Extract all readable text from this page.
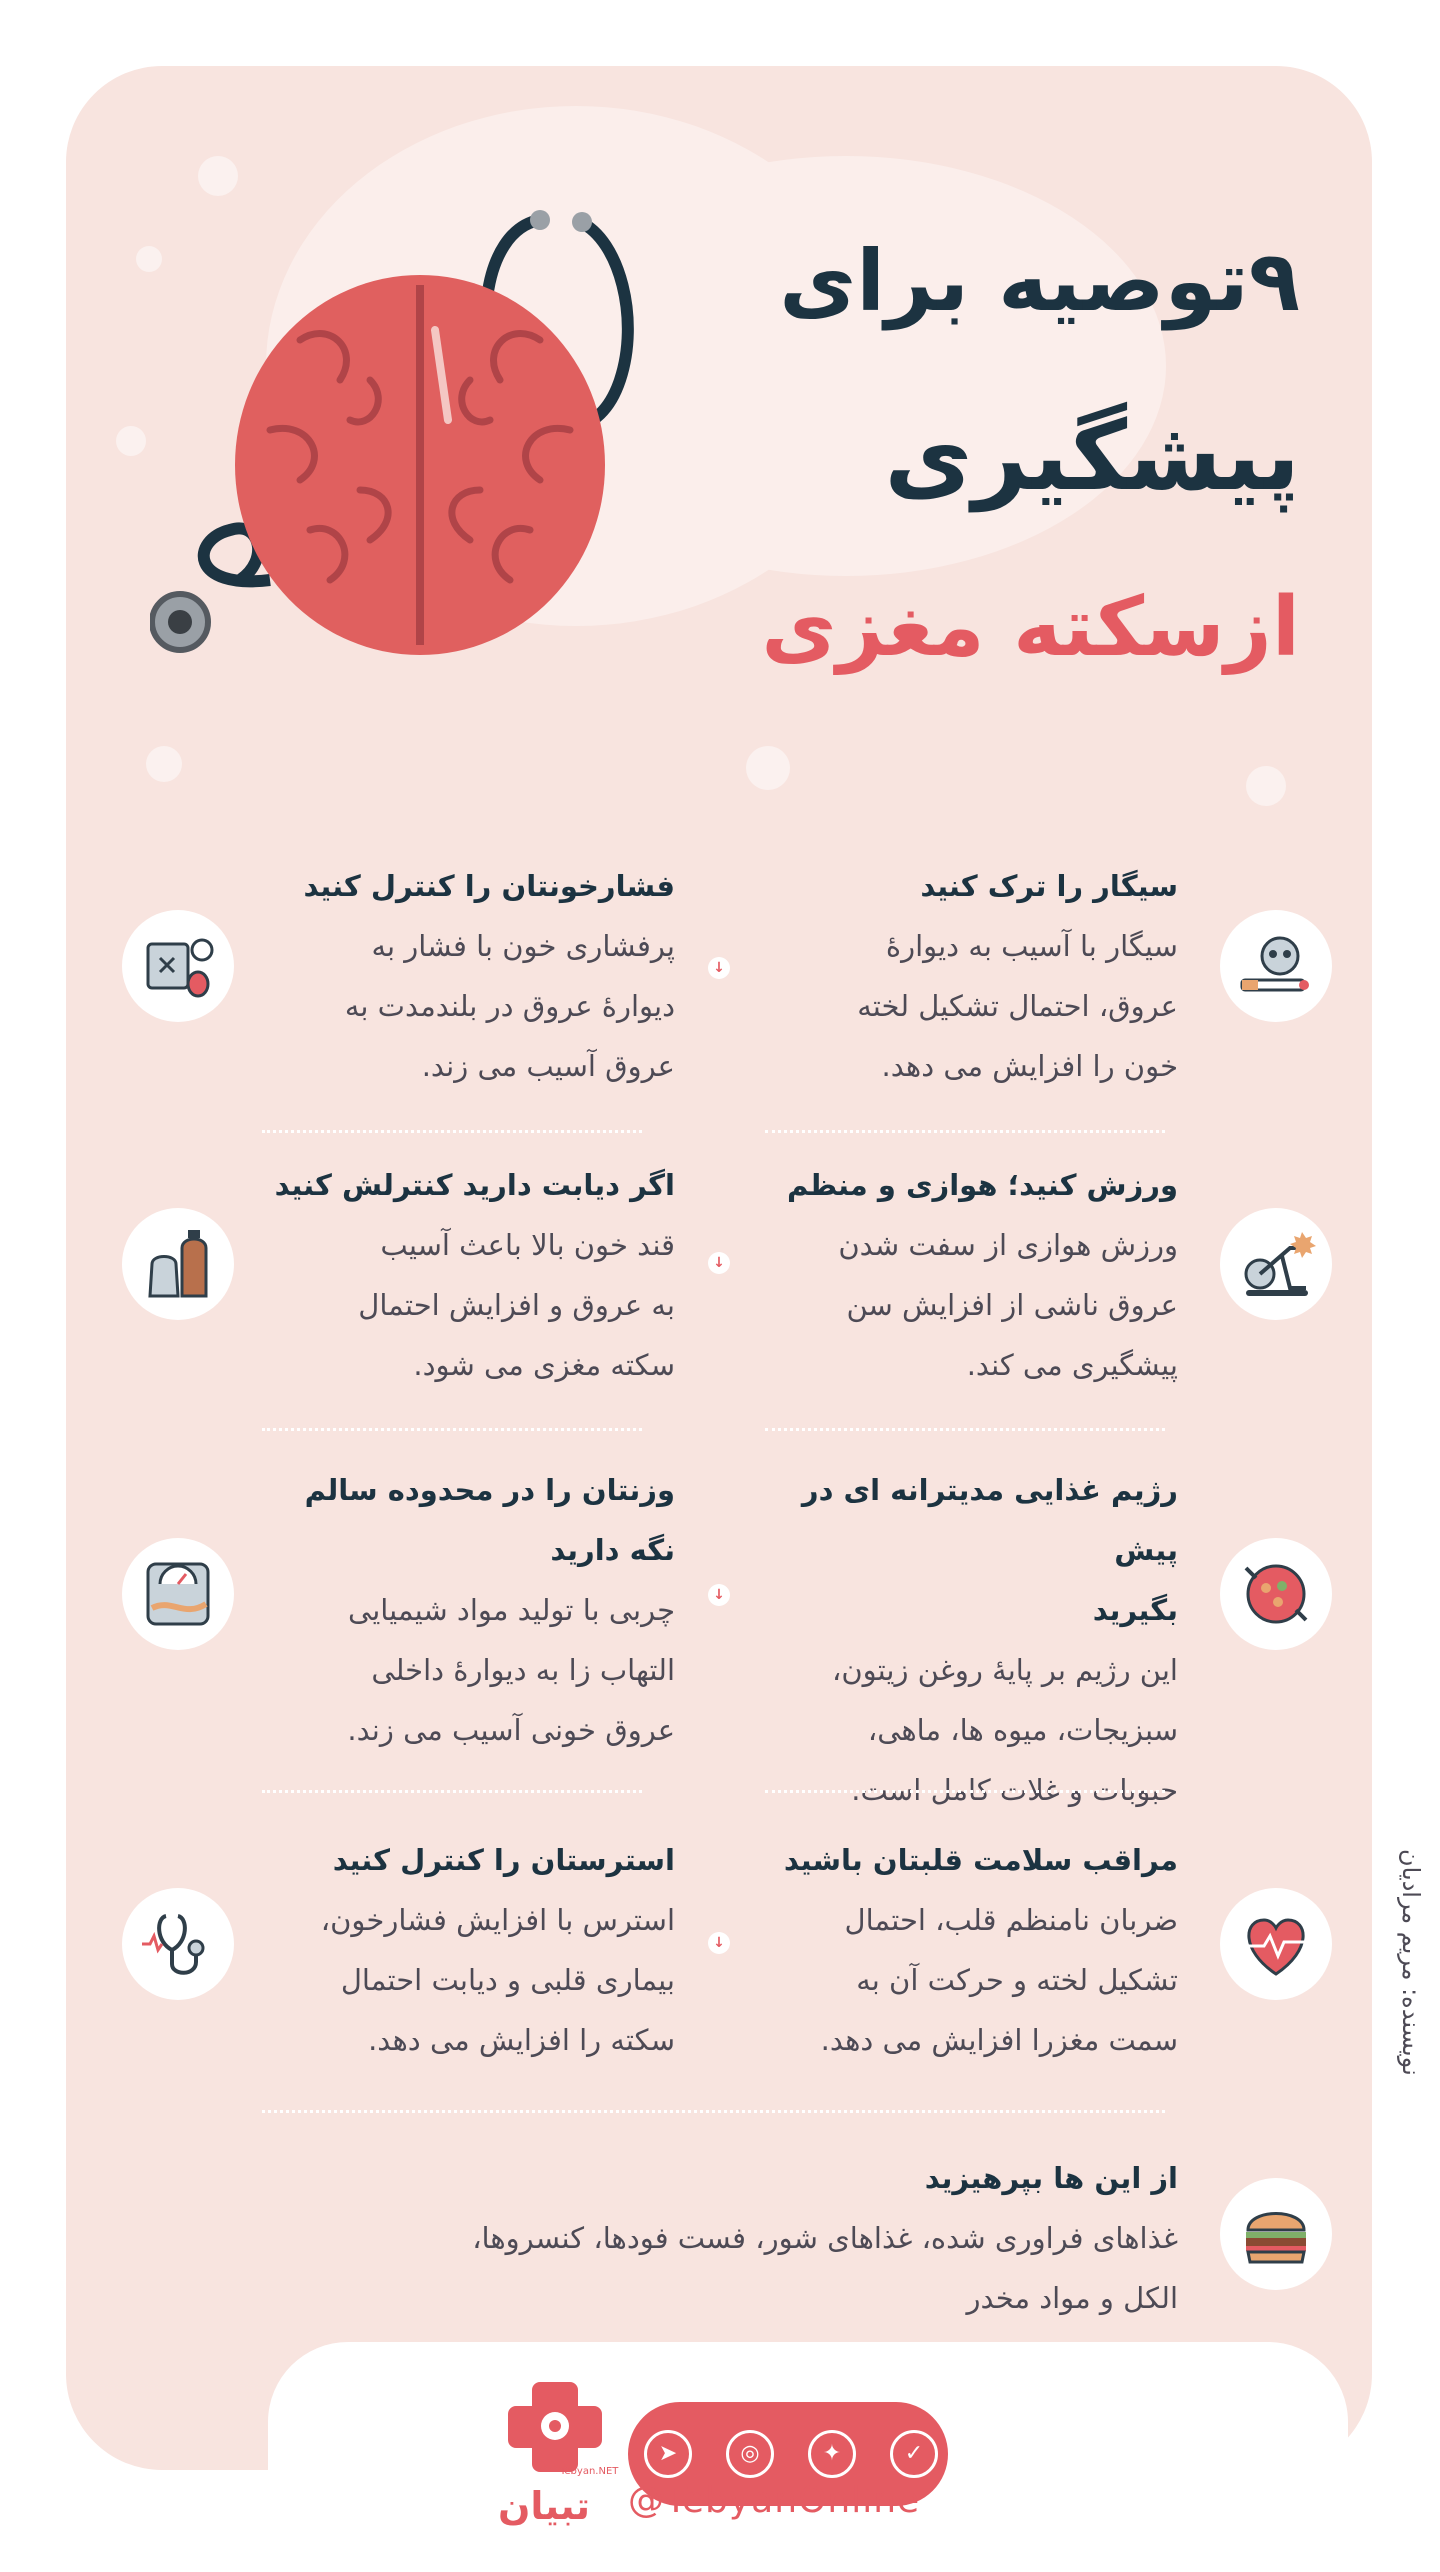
۹توصیه برای
پیشگیری
ازسکته مغزی
↓
سیگار را ترک کنید

سیگار با آسیب به دیوارهٔ

عروق، احتمال تشکیل لخته

خون را افزایش می دهد.

فشارخونتان را کنترل کنید

پرفشاری خون با فشار به

دیوارهٔ عروق در بلندمدت به

عروق آسیب می زند.

↓
ورزش کنید؛ هوازی و منظم

ورزش هوازی از سفت شدن

عروق ناشی از افزایش سن

پیشگیری می کند.

اگر دیابت دارید کنترلش کنید

قند خون بالا باعث آسیب

به عروق و افزایش احتمال

سکته مغزی می شود.

↓
رژیم غذایی مدیترانه ای در پیش
بگیرید

این رژیم بر پایهٔ روغن زیتون،

سبزیجات، میوه ها، ماهی،

حبوبات و غلات کامل است.

وزنتان را در محدوده سالم
نگه دارید

چربی با تولید مواد شیمیایی

التهاب زا به دیوارهٔ داخلی

عروق خونی آسیب می زند.

↓
مراقب سلامت قلبتان باشید

ضربان نامنظم قلب، احتمال

تشکیل لخته و حرکت آن به

سمت مغزرا افزایش می دهد.

استرستان را کنترل کنید

استرس با افزایش فشارخون،

بیماری قلبی و دیابت احتمال

سکته را افزایش می دهد.

از این ها بپرهیزید

غذاهای فراوری شده، غذاهای شور، فست فودها، کنسروها،

الکل و مواد مخدر

نویسنده: مریم مرادیان
Tebyan.NET
تبیان
➤	◎	✦	✓
@TebyanOnline
